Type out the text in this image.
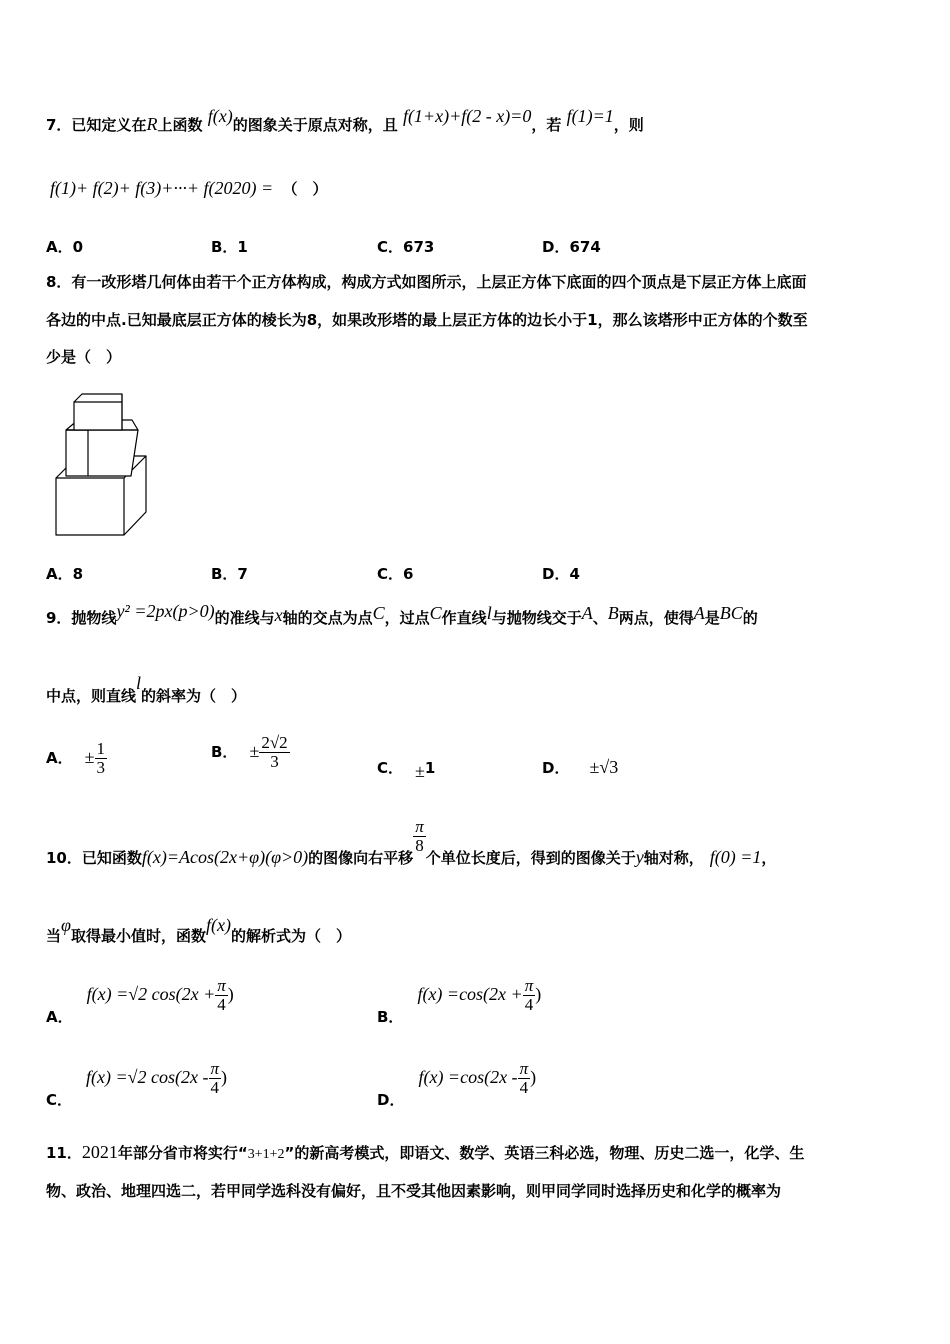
7．已知定义在R上函数 f(x)的图象关于原点对称，且 f(1+x)+f(2 - x)=0，若 f(1)=1，则
f(1)+ f(2)+ f(3)+···+ f(2020) = （　）
A．0	B．1	C．673	D．674
8．有一改形塔几何体由若干个正方体构成，构成方式如图所示，上层正方体下底面的四个顶点是下层正方体上底面
各边的中点.已知最底层正方体的棱长为8，如果改形塔的最上层正方体的边长小于1，那么该塔形中正方体的个数至
少是（　）
A．8	B．7	C．6	D．4
9．抛物线y² =2px(p>0)的准线与x轴的交点为点C，过点C作直线l与抛物线交于A、B两点，使得A是BC的
中点，则直线l的斜率为（　）
A． ± $\frac{1}{3}$	B． ± $\frac{2√2}{3}$	C． ±1	D． ±√3
10．已知函数f(x)=Acos(2x+φ)(φ>0)的图像向右平移
$\frac{\pi}{8}$
个单位长度后，得到的图像关于y轴对称， f(0) =1，
当φ取得最小值时，函数f(x)的解析式为（　）
A．f(x) =√2 $\cos(2x + \frac{\pi}{4}$ )
B．$f(x) =\cos(2x + \frac{\pi}{4}$ )
C．f(x) =√2 $\cos(2x - \frac{\pi}{4}$ )
D．$f(x) =\cos(2x - \frac{\pi}{4}$ )
11．2021年部分省市将实行“3+1+2”的新高考模式，即语文、数学、英语三科必选，物理、历史二选一，化学、生
物、政治、地理四选二，若甲同学选科没有偏好，且不受其他因素影响，则甲同学同时选择历史和化学的概率为
